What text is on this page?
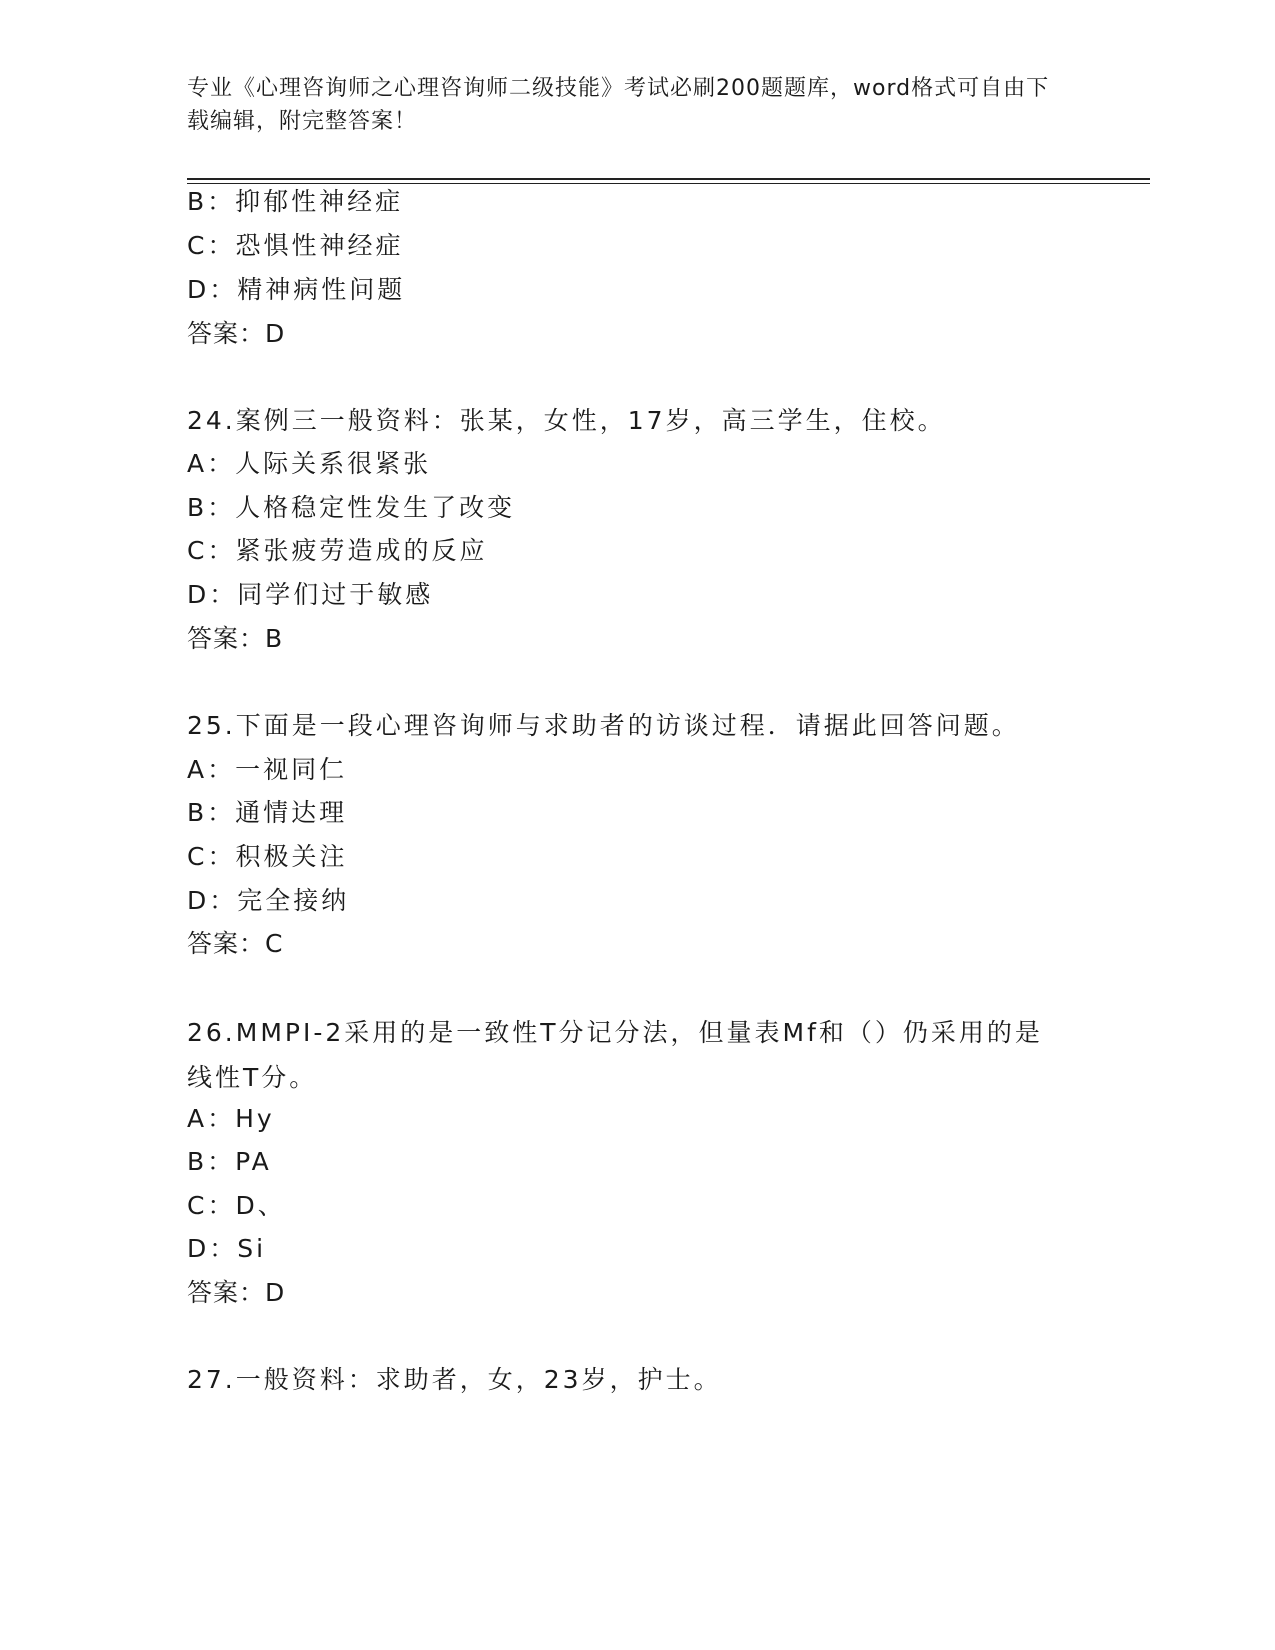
专业《心理咨询师之心理咨询师二级技能》考试必刷200题题库，word格式可自由下载编辑，附完整答案！
B：抑郁性神经症
C：恐惧性神经症
D：精神病性问题
答案：D
24.案例三一般资料：张某，女性，17岁，高三学生，住校。
A：人际关系很紧张
B：人格稳定性发生了改变
C：紧张疲劳造成的反应
D：同学们过于敏感
答案：B
25.下面是一段心理咨询师与求助者的访谈过程．请据此回答问题。
A：一视同仁
B：通情达理
C：积极关注
D：完全接纳
答案：C
26.MMPI-2采用的是一致性T分记分法，但量表Mf和（）仍采用的是线性T分。
A：Hy
B：PA
C：D、
D：Si
答案：D
27.一般资料：求助者，女，23岁，护士。
